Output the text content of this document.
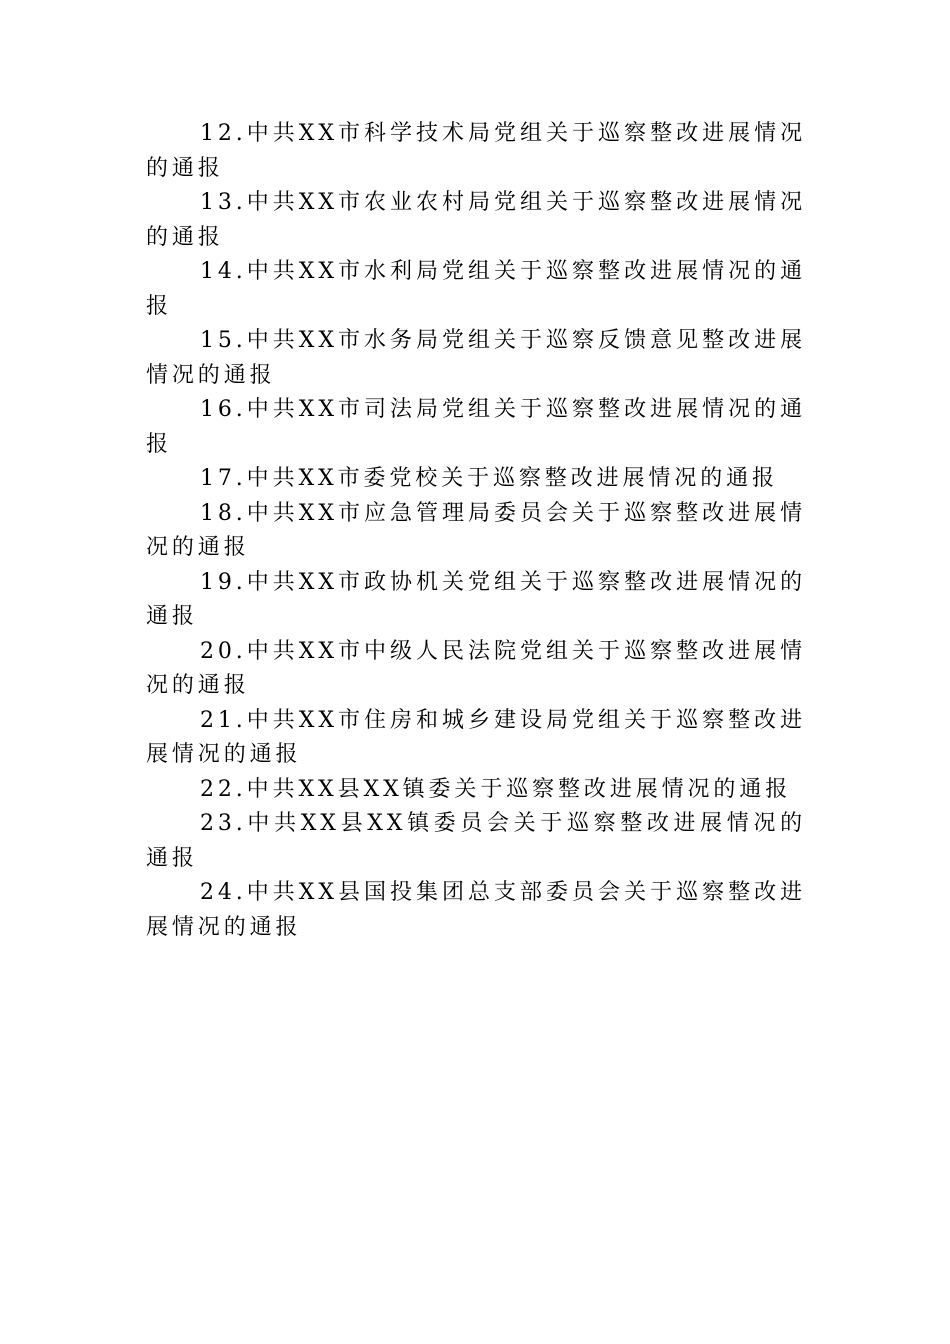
12.中共XX市科学技术局党组关于巡察整改进展情况的通报

13.中共XX市农业农村局党组关于巡察整改进展情况的通报

14.中共XX市水利局党组关于巡察整改进展情况的通报

15.中共XX市水务局党组关于巡察反馈意见整改进展情况的通报

16.中共XX市司法局党组关于巡察整改进展情况的通报

17.中共XX市委党校关于巡察整改进展情况的通报

18.中共XX市应急管理局委员会关于巡察整改进展情况的通报

19.中共XX市政协机关党组关于巡察整改进展情况的通报

20.中共XX市中级人民法院党组关于巡察整改进展情况的通报

21.中共XX市住房和城乡建设局党组关于巡察整改进展情况的通报

22.中共XX县XX镇委关于巡察整改进展情况的通报

23.中共XX县XX镇委员会关于巡察整改进展情况的通报

24.中共XX县国投集团总支部委员会关于巡察整改进展情况的通报
